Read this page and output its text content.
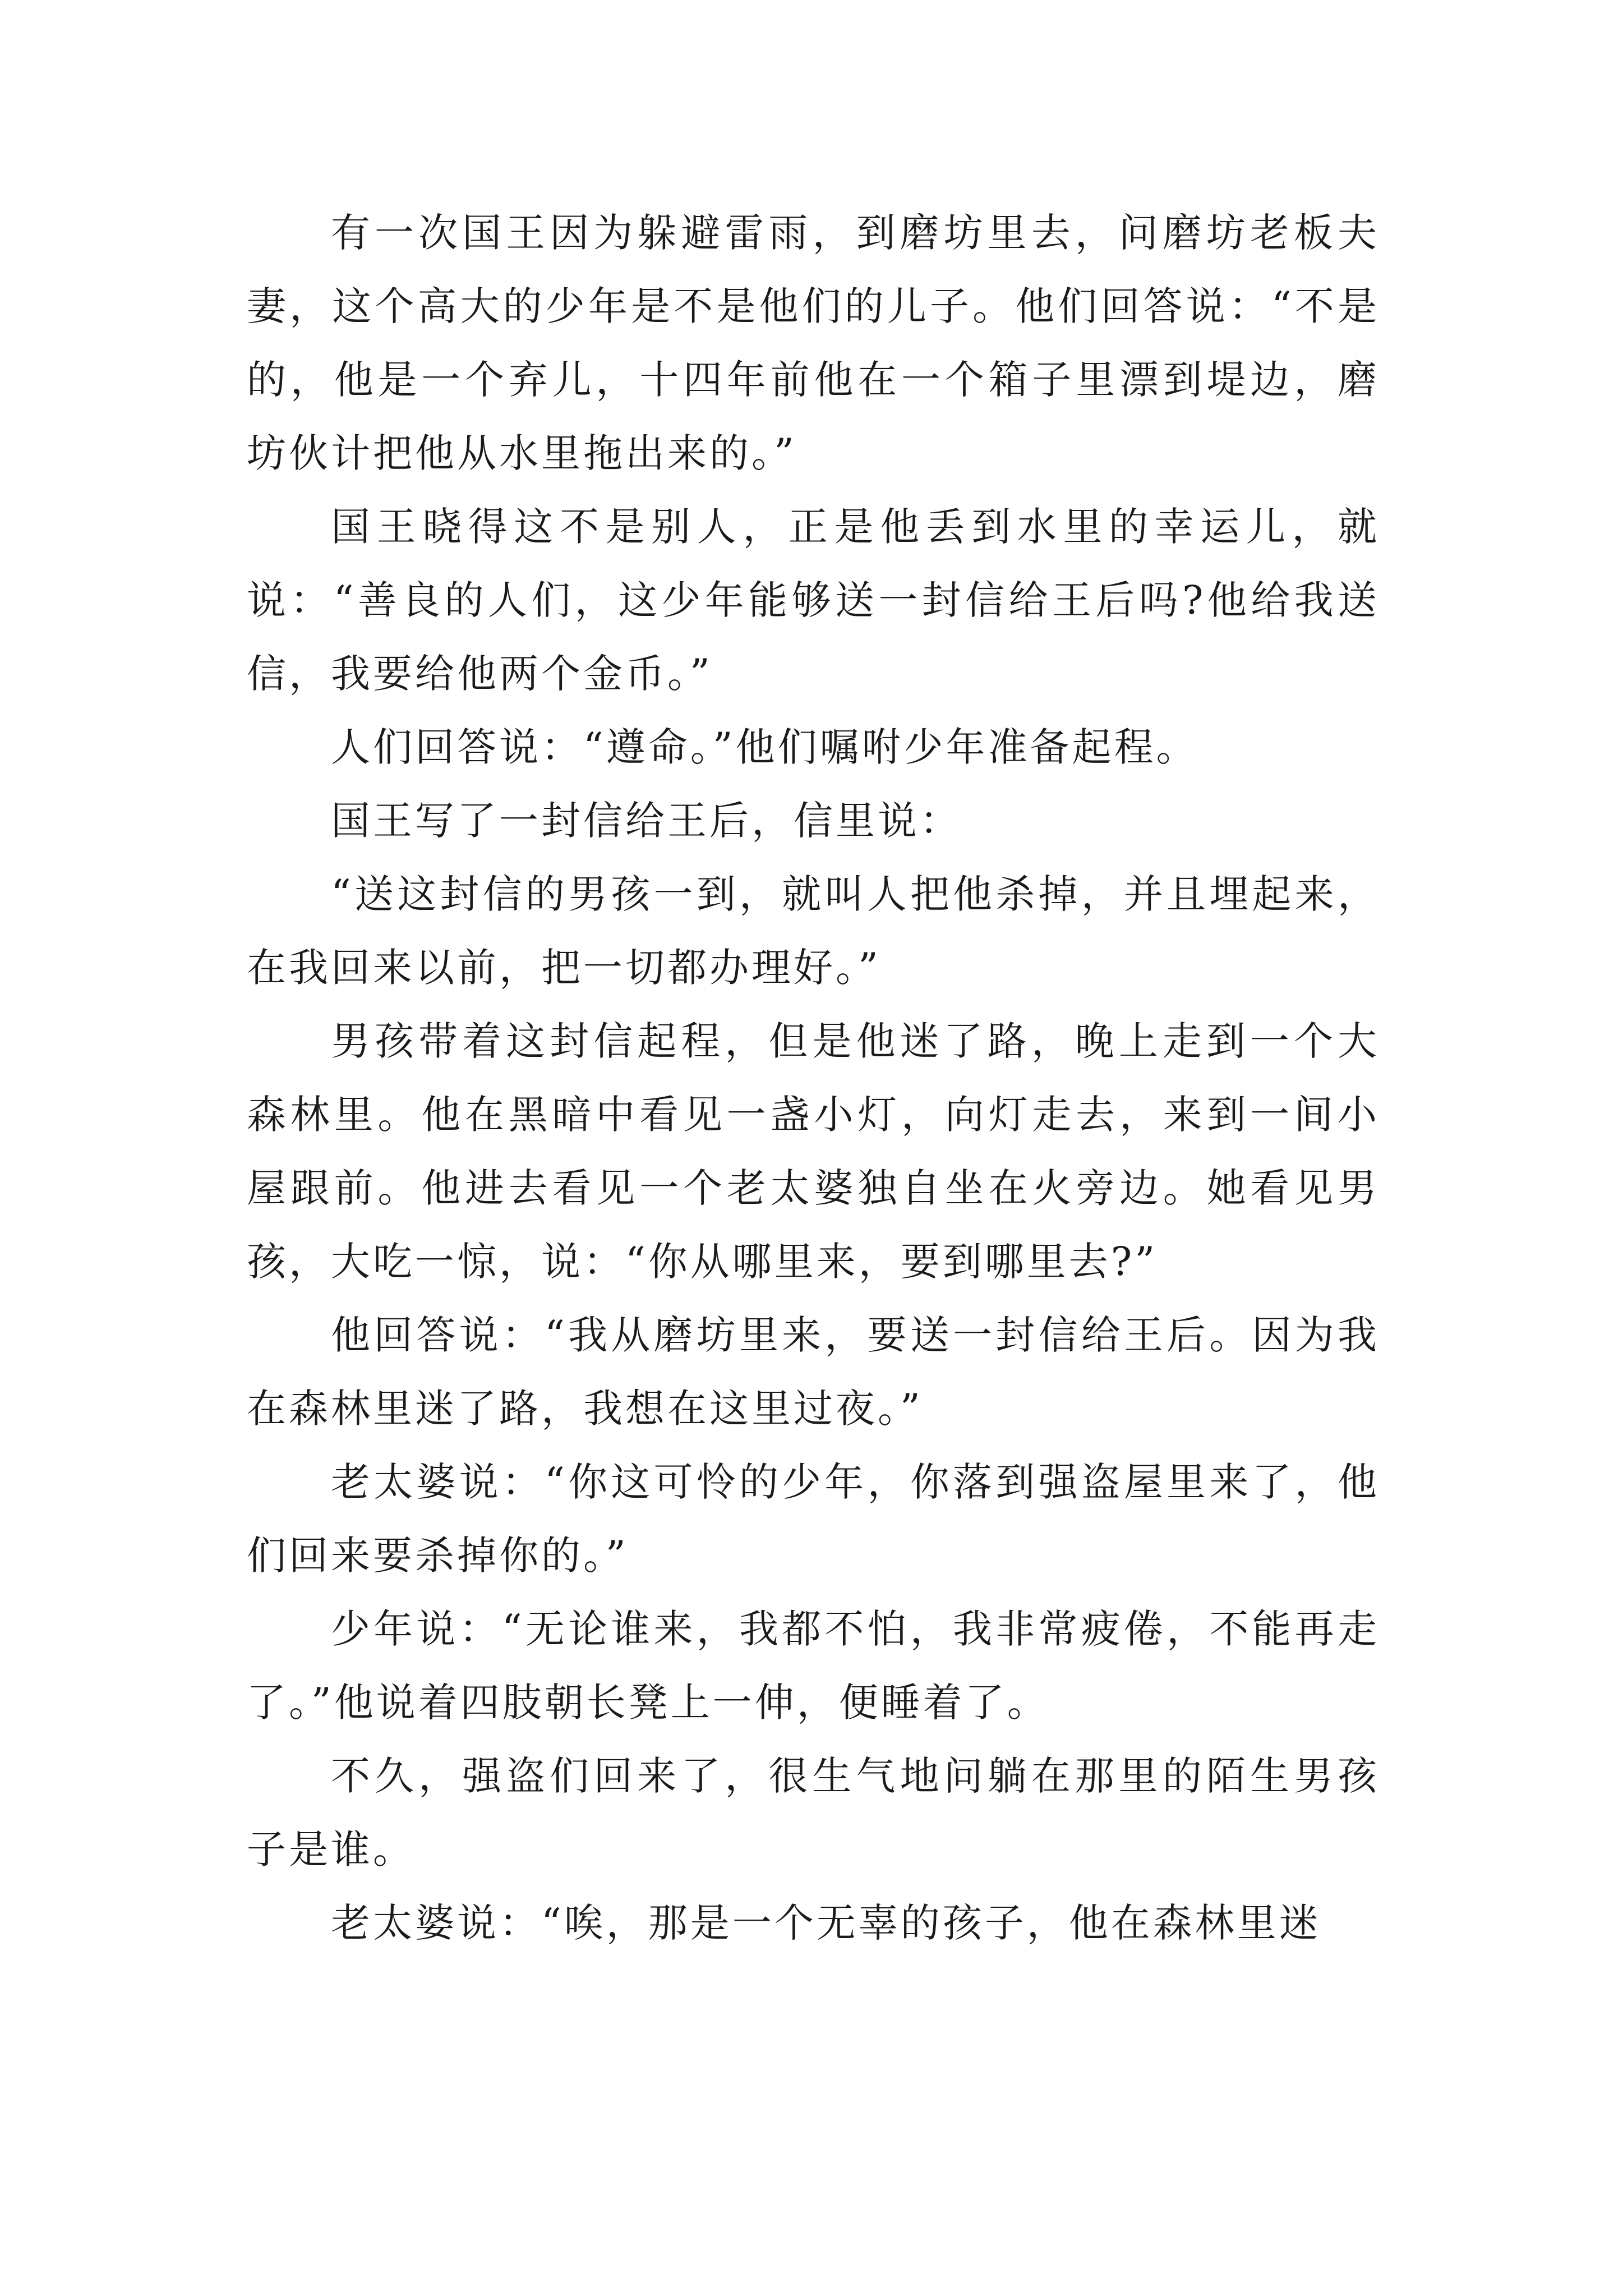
有一次国王因为躲避雷雨，到磨坊里去，问磨坊老板夫妻，这个高大的少年是不是他们的儿子。他们回答说：“不是的，他是一个弃儿，十四年前他在一个箱子里漂到堤边，磨坊伙计把他从水里拖出来的。”

国王晓得这不是别人，正是他丢到水里的幸运儿，就说：“善良的人们，这少年能够送一封信给王后吗?他给我送信，我要给他两个金币。”

人们回答说：“遵命。”他们嘱咐少年准备起程。

国王写了一封信给王后，信里说：

“送这封信的男孩一到，就叫人把他杀掉，并且埋起来，在我回来以前，把一切都办理好。”

男孩带着这封信起程，但是他迷了路，晚上走到一个大森林里。他在黑暗中看见一盏小灯，向灯走去，来到一间小屋跟前。他进去看见一个老太婆独自坐在火旁边。她看见男孩，大吃一惊，说：“你从哪里来，要到哪里去?”

他回答说：“我从磨坊里来，要送一封信给王后。因为我在森林里迷了路，我想在这里过夜。”

老太婆说：“你这可怜的少年，你落到强盗屋里来了，他们回来要杀掉你的。”

少年说：“无论谁来，我都不怕，我非常疲倦，不能再走了。”他说着四肢朝长凳上一伸，便睡着了。

不久，强盗们回来了，很生气地问躺在那里的陌生男孩子是谁。

老太婆说：“唉，那是一个无辜的孩子，他在森林里迷
